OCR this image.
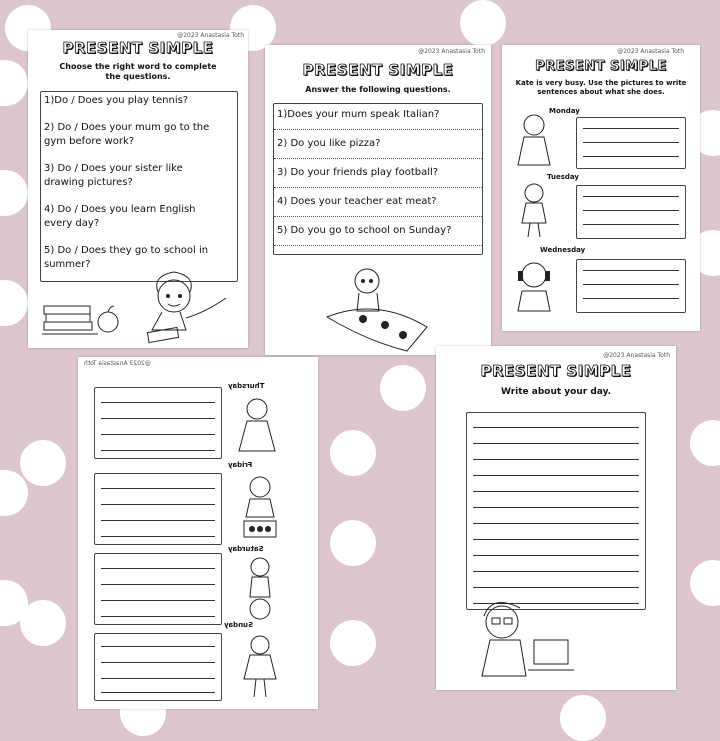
@2023 Anastasia Toth
PRESENT SIMPLE
Choose the right word to complete the questions.
1)Do / Does you play tennis?
2) Do / Does your mum go to the
gym before work?
3) Do / Does your sister like
drawing pictures?
4) Do / Does you learn English
every day?
5) Do / Does they go to school in
summer?
@2023 Anastasia Toth
PRESENT SIMPLE
Answer the following questions.
1)Does your mum speak Italian?
2) Do you like pizza?
3) Do your friends play football?
4) Does your teacher eat meat?
5) Do you go to school on Sunday?
@2023 Anastasia Toth
PRESENT SIMPLE
Kate is very busy. Use the pictures to write sentences about what she does.
Monday
Tuesday
Wednesday
@2023 Anastasia Toth
Thursday
Friday
Saturday
Sunday
@2023 Anastasia Toth
PRESENT SIMPLE
Write about your day.
